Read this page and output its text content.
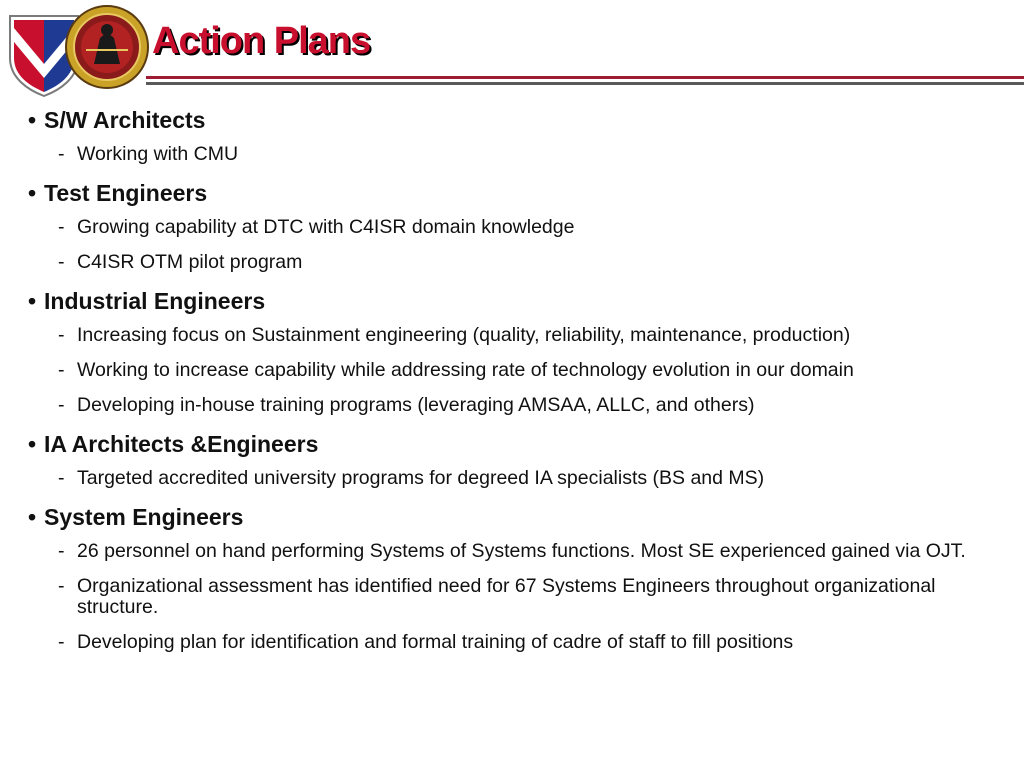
Action Plans
• S/W Architects
- Working with CMU
• Test Engineers
- Growing capability at DTC with C4ISR domain knowledge
- C4ISR OTM pilot program
• Industrial Engineers
- Increasing focus on Sustainment engineering (quality, reliability, maintenance, production)
- Working to increase capability while addressing rate of technology evolution in our domain
- Developing in-house training programs (leveraging AMSAA, ALLC, and others)
• IA Architects &Engineers
- Targeted accredited university programs for degreed IA specialists (BS and MS)
• System Engineers
- 26 personnel on hand performing Systems of Systems functions. Most SE experienced gained via OJT.
- Organizational assessment has identified need for 67 Systems Engineers throughout organizational structure.
- Developing plan for identification and formal training of cadre of staff to fill positions
